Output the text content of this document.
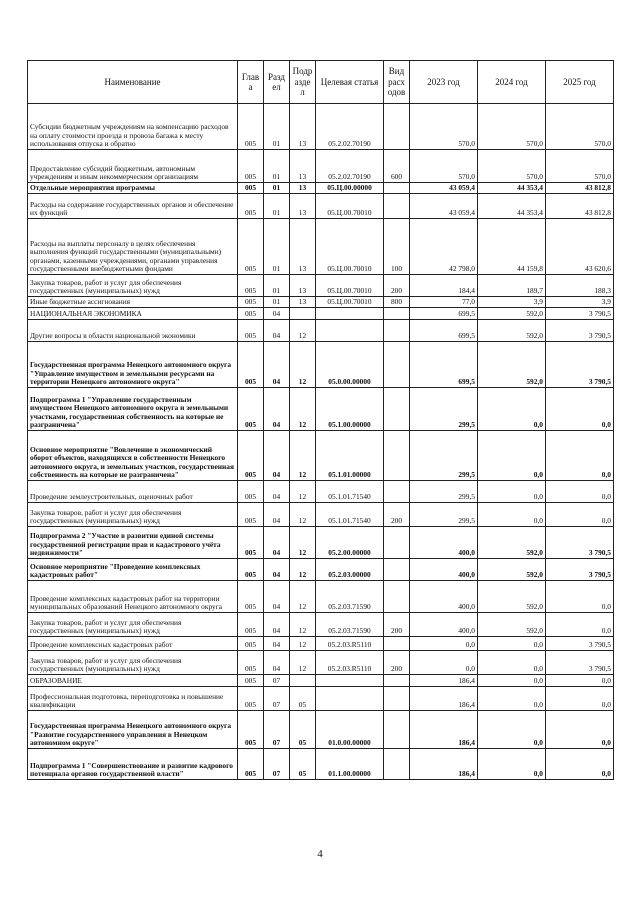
Наименование	Глав а	Разд ел	Подр азде л	Целевая статья	Вид расх одов	2023 год	2024 год	2025 год
Субсидии бюджетным учреждениям на компенсацию расходов на оплату стоимости проезда и провоза багажа к месту использования отпуска и обратно	005	01	13	05.2.02.70190		570,0	570,0	570,0
Предоставление субсидий бюджетным, автономным учреждениям и иным некоммерческим организациям	005	01	13	05.2.02.70190	600	570,0	570,0	570,0
Отдельные мероприятия программы	005	01	13	05.Ц.00.00000		43 059,4	44 353,4	43 812,8
Расходы на содержание государственных органов и обеспечение их функций	005	01	13	05.Ц.00.70010		43 059,4	44 353,4	43 812,8
Расходы на выплаты персоналу в целях обеспечения выполнения функций государственными (муниципальными) органами, казенными учреждениями, органами управления государственными внебюджетными фондами	005	01	13	05.Ц.00.70010	100	42 798,0	44 159,8	43 620,6
Закупка товаров, работ и услуг для обеспечения государственных (муниципальных) нужд	005	01	13	05.Ц.00.70010	200	184,4	189,7	188,3
Иные бюджетные ассигнования	005	01	13	05.Ц.00.70010	800	77,0	3,9	3,9
НАЦИОНАЛЬНАЯ ЭКОНОМИКА	005	04				699,5	592,0	3 790,5
Другие вопросы в области национальной экономики	005	04	12			699,5	592,0	3 790,5
Государственная программа Ненецкого автономного округа "Управление имуществом и земельными ресурсами на территории Ненецкого автономного округа"	005	04	12	05.0.00.00000		699,5	592,0	3 790,5
Подпрограмма 1 "Управление государственным имуществом Ненецкого автономного округа и земельными участками, государственная собственность на которые не разграничена"	005	04	12	05.1.00.00000		299,5	0,0	0,0
Основное мероприятие "Вовлечение в экономический оборот объектов, находящихся в собственности Ненецкого автономного округа, и земельных участков, государственная собственность на которые не разграничена"	005	04	12	05.1.01.00000		299,5	0,0	0,0
Проведение землеустроительных, оценочных работ	005	04	12	05.1.01.71540		299,5	0,0	0,0
Закупка товаров, работ и услуг для обеспечения государственных (муниципальных) нужд	005	04	12	05.1.01.71540	200	299,5	0,0	0,0
Подпрограмма 2 "Участие в развитии единой системы государственной регистрации прав и кадастрового учёта недвижимости"	005	04	12	05.2.00.00000		400,0	592,0	3 790,5
Основное мероприятие "Проведение комплексных кадастровых работ"	005	04	12	05.2.03.00000		400,0	592,0	3 790,5
Проведение комплексных кадастровых работ на территории муниципальных образований Ненецкого автономного округа	005	04	12	05.2.03.71590		400,0	592,0	0,0
Закупка товаров, работ и услуг для обеспечения государственных (муниципальных) нужд	005	04	12	05.2.03.71590	200	400,0	592,0	0,0
Проведение комплексных кадастровых работ	005	04	12	05.2.03.R5110		0,0	0,0	3 790,5
Закупка товаров, работ и услуг для обеспечения государственных (муниципальных) нужд	005	04	12	05.2.03.R5110	200	0,0	0,0	3 790,5
ОБРАЗОВАНИЕ	005	07				186,4	0,0	0,0
Профессиональная подготовка, переподготовка и повышение квалификации	005	07	05			186,4	0,0	0,0
Государственная программа Ненецкого автономного округа "Развитие государственного управления в Ненецком автономном округе"	005	07	05	01.0.00.00000		186,4	0,0	0,0
Подпрограмма 1 "Совершенствование и развитие кадрового потенциала органов государственной власти"	005	07	05	01.1.00.00000		186,4	0,0	0,0
4
